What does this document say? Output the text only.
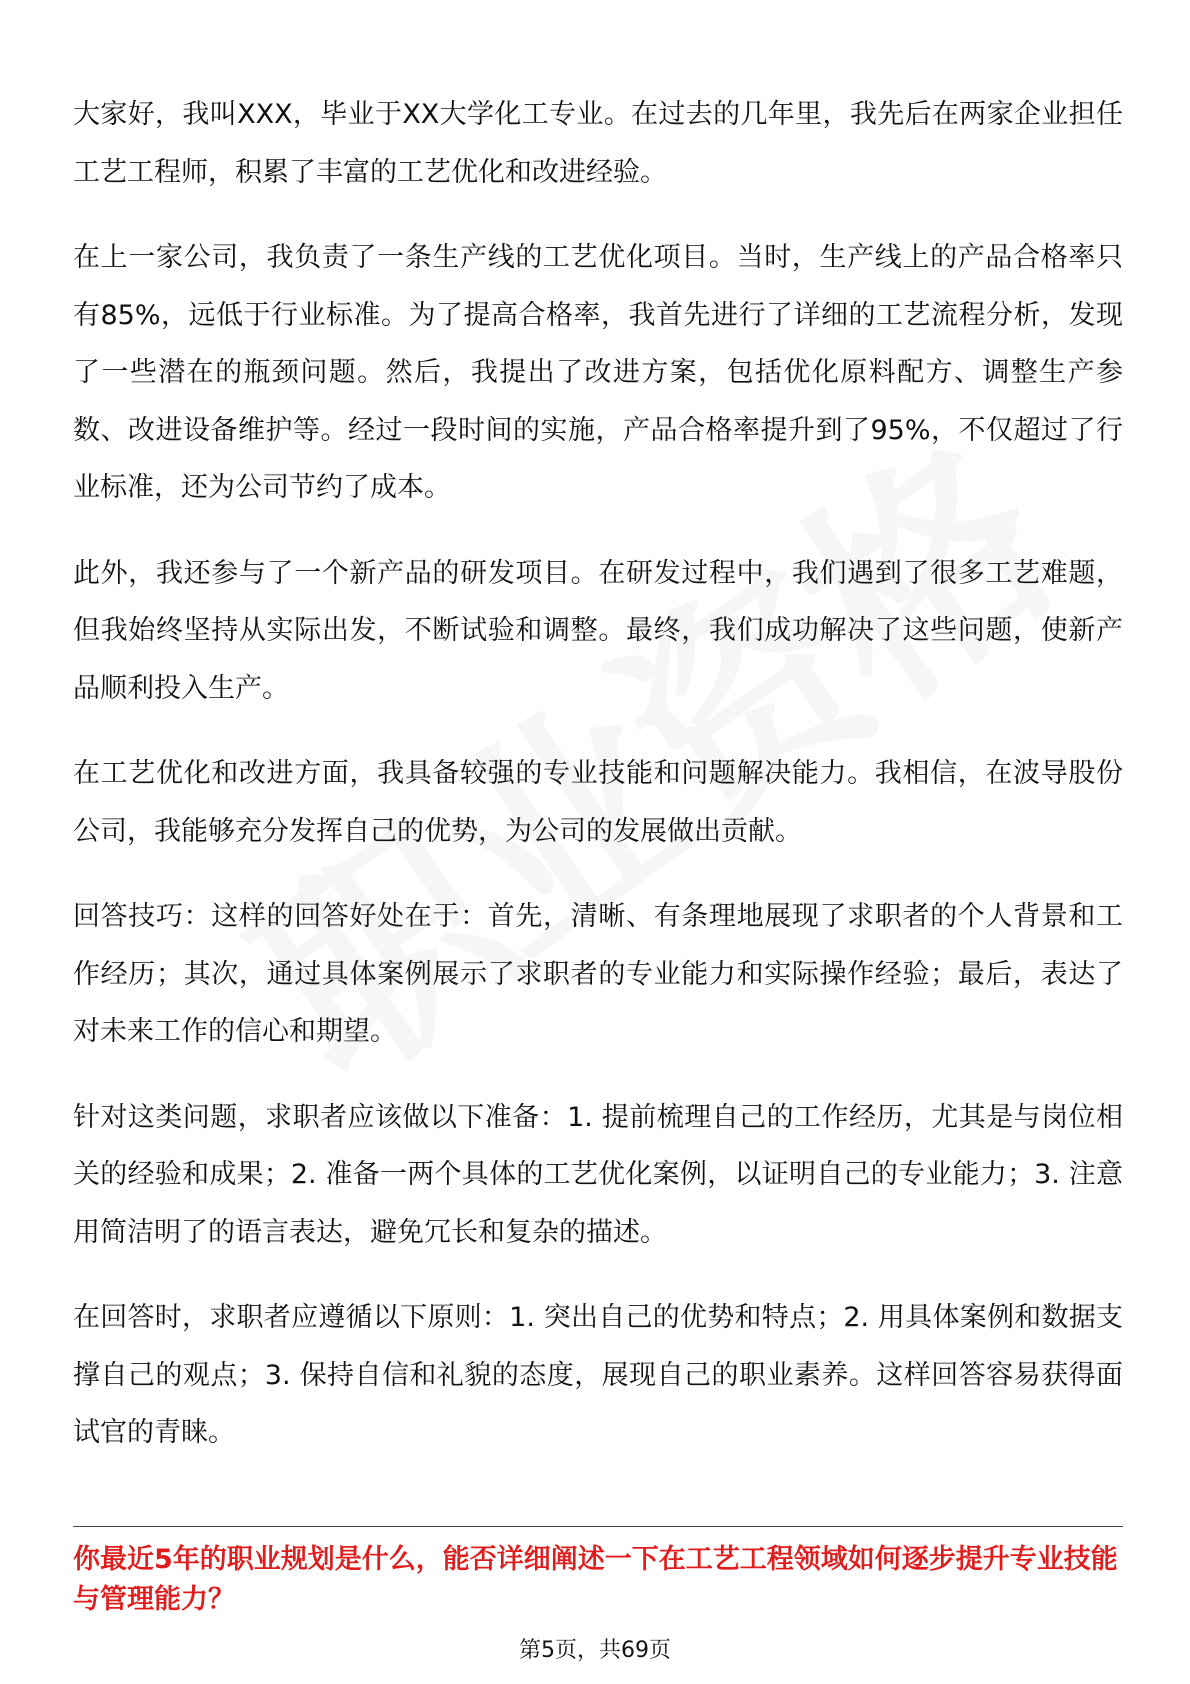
大家好，我叫XXX，毕业于XX大学化工专业。在过去的几年里，我先后在两家企业担任工艺工程师，积累了丰富的工艺优化和改进经验。

在上一家公司，我负责了一条生产线的工艺优化项目。当时，生产线上的产品合格率只有85%，远低于行业标准。为了提高合格率，我首先进行了详细的工艺流程分析，发现了一些潜在的瓶颈问题。然后，我提出了改进方案，包括优化原料配方、调整生产参数、改进设备维护等。经过一段时间的实施，产品合格率提升到了95%，不仅超过了行业标准，还为公司节约了成本。

此外，我还参与了一个新产品的研发项目。在研发过程中，我们遇到了很多工艺难题，但我始终坚持从实际出发，不断试验和调整。最终，我们成功解决了这些问题，使新产品顺利投入生产。

在工艺优化和改进方面，我具备较强的专业技能和问题解决能力。我相信，在波导股份公司，我能够充分发挥自己的优势，为公司的发展做出贡献。

回答技巧：这样的回答好处在于：首先，清晰、有条理地展现了求职者的个人背景和工作经历；其次，通过具体案例展示了求职者的专业能力和实际操作经验；最后，表达了对未来工作的信心和期望。

针对这类问题，求职者应该做以下准备：1. 提前梳理自己的工作经历，尤其是与岗位相关的经验和成果；2. 准备一两个具体的工艺优化案例，以证明自己的专业能力；3. 注意用简洁明了的语言表达，避免冗长和复杂的描述。

在回答时，求职者应遵循以下原则：1. 突出自己的优势和特点；2. 用具体案例和数据支撑自己的观点；3. 保持自信和礼貌的态度，展现自己的职业素养。这样回答容易获得面试官的青睐。

你最近5年的职业规划是什么，能否详细阐述一下在工艺工程领域如何逐步提升专业技能与管理能力？
第5页，共69页
